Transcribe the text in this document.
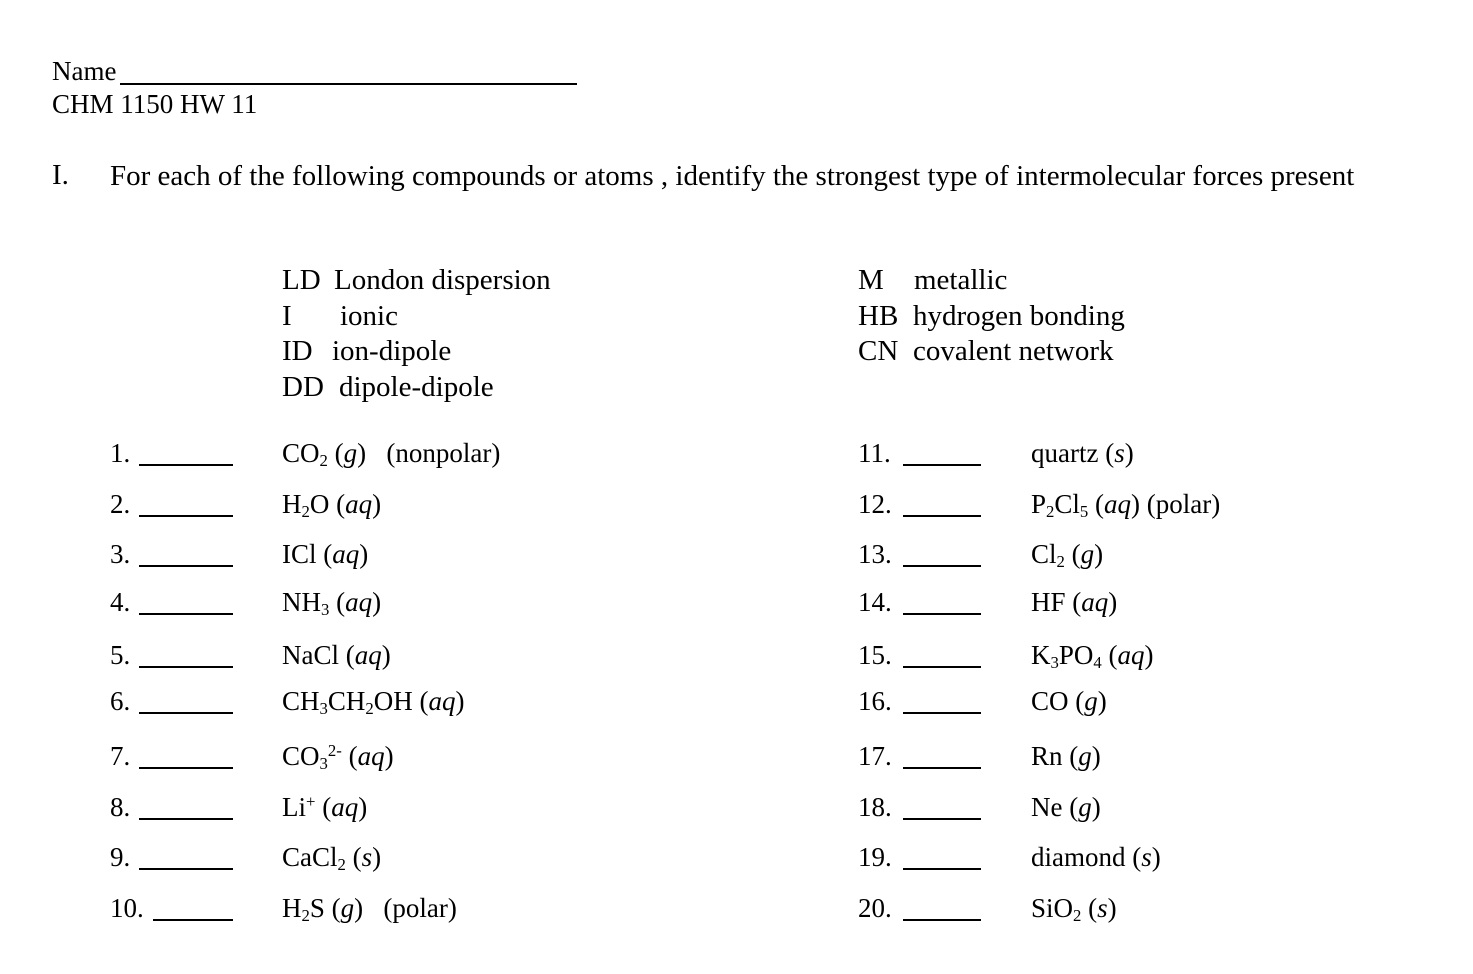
Name
CHM 1150 HW 11
I. For each of the following compounds or atoms , identify the strongest type of intermolecular forces present
LD London dispersion
I	ionic
ID ion-dipole
DD dipole-dipole
M	metallic
HB hydrogen bonding
CN covalent network
1.	$CO_2$ (g)   (nonpolar)
2.	$H_2O$ (aq)
3.	ICl (aq)
4.	$NH_3$ (aq)
5.	NaCl (aq)
6.	$CH_3CH_2OH$ (aq)
7.	$CO_3^{2-}$ (aq)
8.	Li+ (aq)
9.	CaCl$_2$ (s)
10.	$H_2S$ (g)   (polar)
11.	quartz (s)
12.	$P_2Cl_5$ (aq) (polar)
13.	$Cl_2$ (g)
14.	HF (aq)
15.	$K_3PO_4$ (aq)
16.	CO (g)
17.	Rn (g)
18.	Ne (g)
19.	diamond (s)
20.	SiO$_2$ (s)
